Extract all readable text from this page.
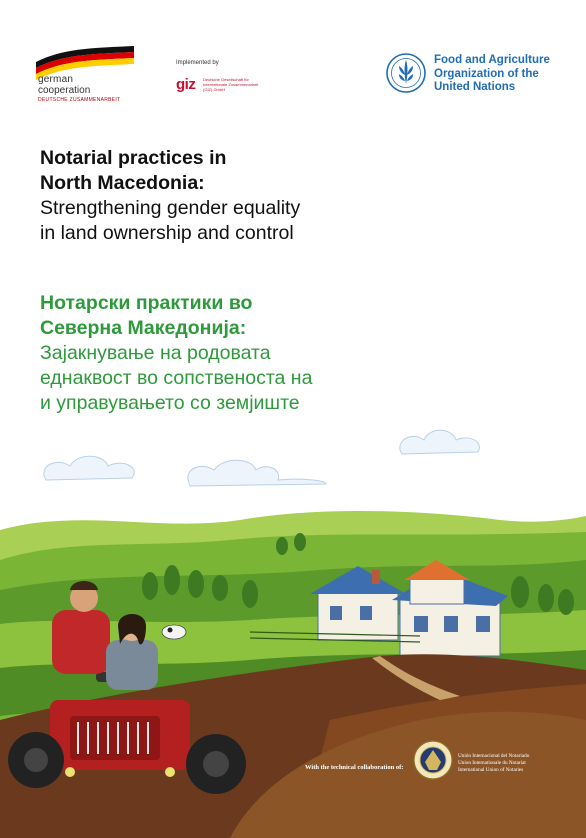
german
cooperation
DEUTSCHE ZUSAMMENARBEIT
Implemented by
giz Deutsche Gesellschaft für Internationale Zusammenarbeit (GIZ) GmbH
Food and Agriculture
Organization of the
United Nations
Notarial practices in
North Macedonia:
Strengthening gender equality
in land ownership and control
Нотарски практики во
Северна Македонија:
Зајакнување на родовата
еднаквост во сопственоста на
и управувањето со земјиште
With the technical collaboration of:
Unión Internacional del Notariado
Union Internationale du Notariat
International Union of Notaries
